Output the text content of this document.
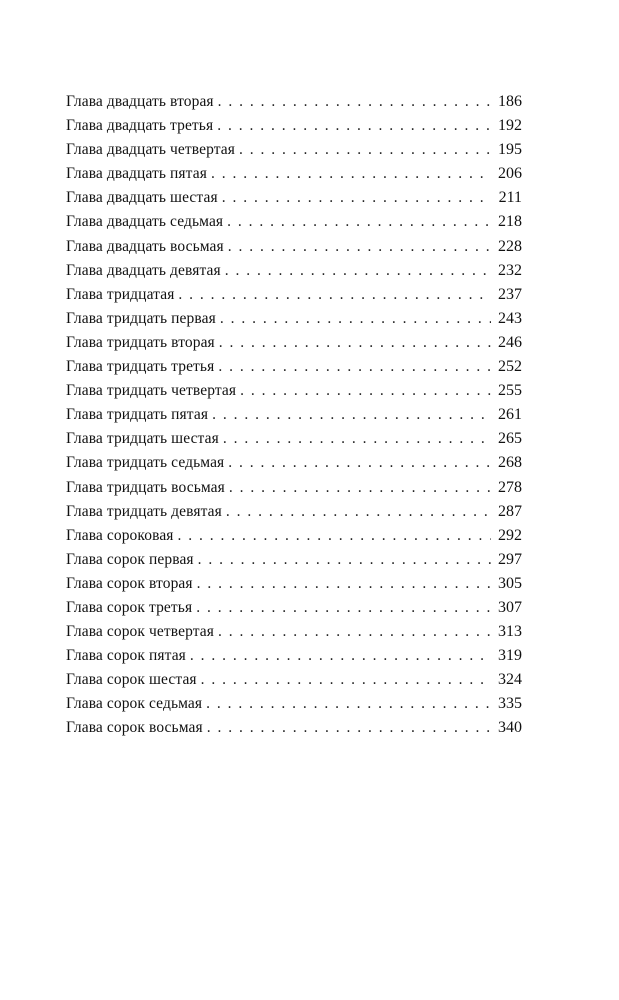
Глава двадцать вторая . . .	186
Глава двадцать третья . . .	192
Глава двадцать четвертая . . .	195
Глава двадцать пятая . . .	206
Глава двадцать шестая . . .	211
Глава двадцать седьмая . . .	218
Глава двадцать восьмая . . .	228
Глава двадцать девятая . . .	232
Глава тридцатая . . .	237
Глава тридцать первая . . .	243
Глава тридцать вторая . . .	246
Глава тридцать третья . . .	252
Глава тридцать четвертая . . .	255
Глава тридцать пятая . . .	261
Глава тридцать шестая . . .	265
Глава тридцать седьмая . . .	268
Глава тридцать восьмая . . .	278
Глава тридцать девятая . . .	287
Глава сороковая . . .	292
Глава сорок первая . . .	297
Глава сорок вторая . . .	305
Глава сорок третья . . .	307
Глава сорок четвертая . . .	313
Глава сорок пятая . . .	319
Глава сорок шестая . . .	324
Глава сорок седьмая . . .	335
Глава сорок восьмая . . .	340
